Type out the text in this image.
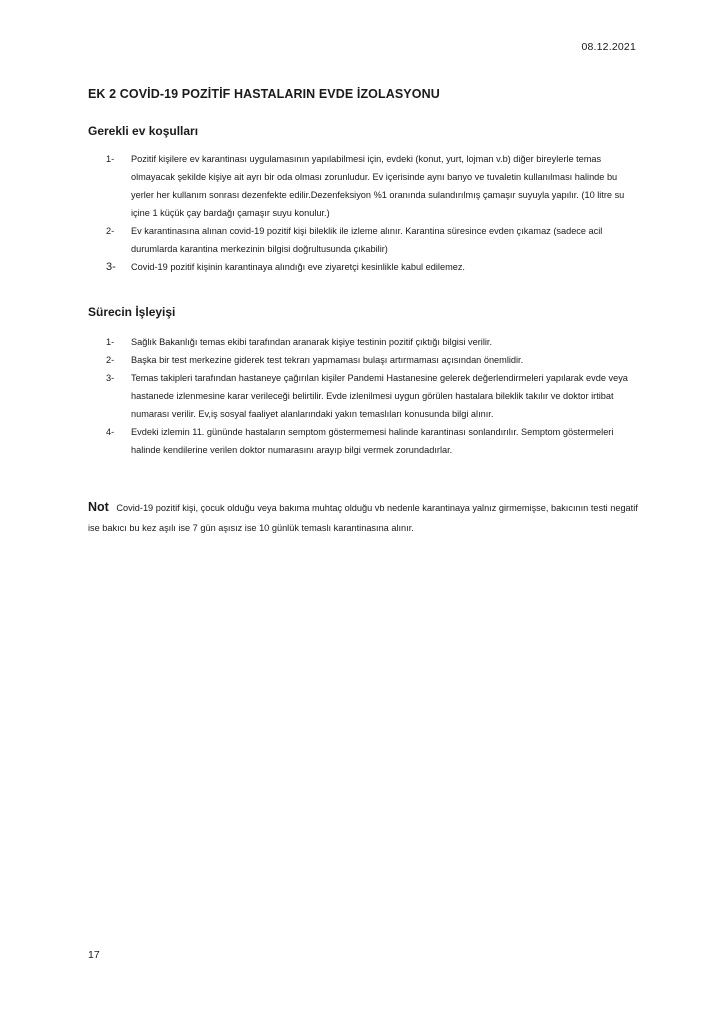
08.12.2021
EK 2 COVİD-19 POZİTİF HASTALARIN EVDE İZOLASYONU
Gerekli ev koşulları
1- Pozitif kişilere ev karantinası uygulamasının yapılabilmesi için, evdeki (konut, yurt, lojman v.b) diğer bireylerle temas olmayacak şekilde kişiye ait ayrı bir oda olması zorunludur. Ev içerisinde aynı banyo ve tuvaletin kullanılması halinde bu yerler her kullanım sonrası dezenfekte edilir.Dezenfeksiyon %1 oranında sulandırılmış çamaşır suyuyla yapılır. (10 litre su içine 1 küçük çay bardağı çamaşır suyu konulur.)
2- Ev karantinasına alınan covid-19 pozitif kişi bileklik ile izleme alınır. Karantina süresince evden çıkamaz (sadece acil durumlarda karantina merkezinin bilgisi doğrultusunda çıkabilir)
3- Covid-19 pozitif kişinin karantinaya alındığı eve ziyaretçi kesinlikle kabul edilemez.
Sürecin İşleyişi
1- Sağlık Bakanlığı temas ekibi tarafından aranarak kişiye testinin pozitif çıktığı bilgisi verilir.
2- Başka bir test merkezine giderek test tekrarı yapmaması bulaşı artırmaması açısından önemlidir.
3- Temas takipleri tarafından hastaneye çağırılan kişiler Pandemi Hastanesine gelerek değerlendirmeleri yapılarak evde veya hastanede izlenmesine karar verileceği belirtilir. Evde izlenilmesi uygun görülen hastalara bileklik takılır ve doktor irtibat numarası verilir. Ev,iş sosyal faaliyet alanlarındaki yakın temaslıları konusunda bilgi alınır.
4- Evdeki izlemin 11. gününde hastaların semptom göstermemesi halinde karantinası sonlandırılır. Semptom göstermeleri halinde kendilerine verilen doktor numarasını arayıp bilgi vermek zorundadırlar.
Not Covid-19 pozitif kişi, çocuk olduğu veya bakıma muhtaç olduğu vb nedenle karantinaya yalnız girmemişse, bakıcının testi negatif ise bakıcı bu kez aşılı ise 7 gün aşısız ise 10 günlük temaslı karantinasına alınır.
17
